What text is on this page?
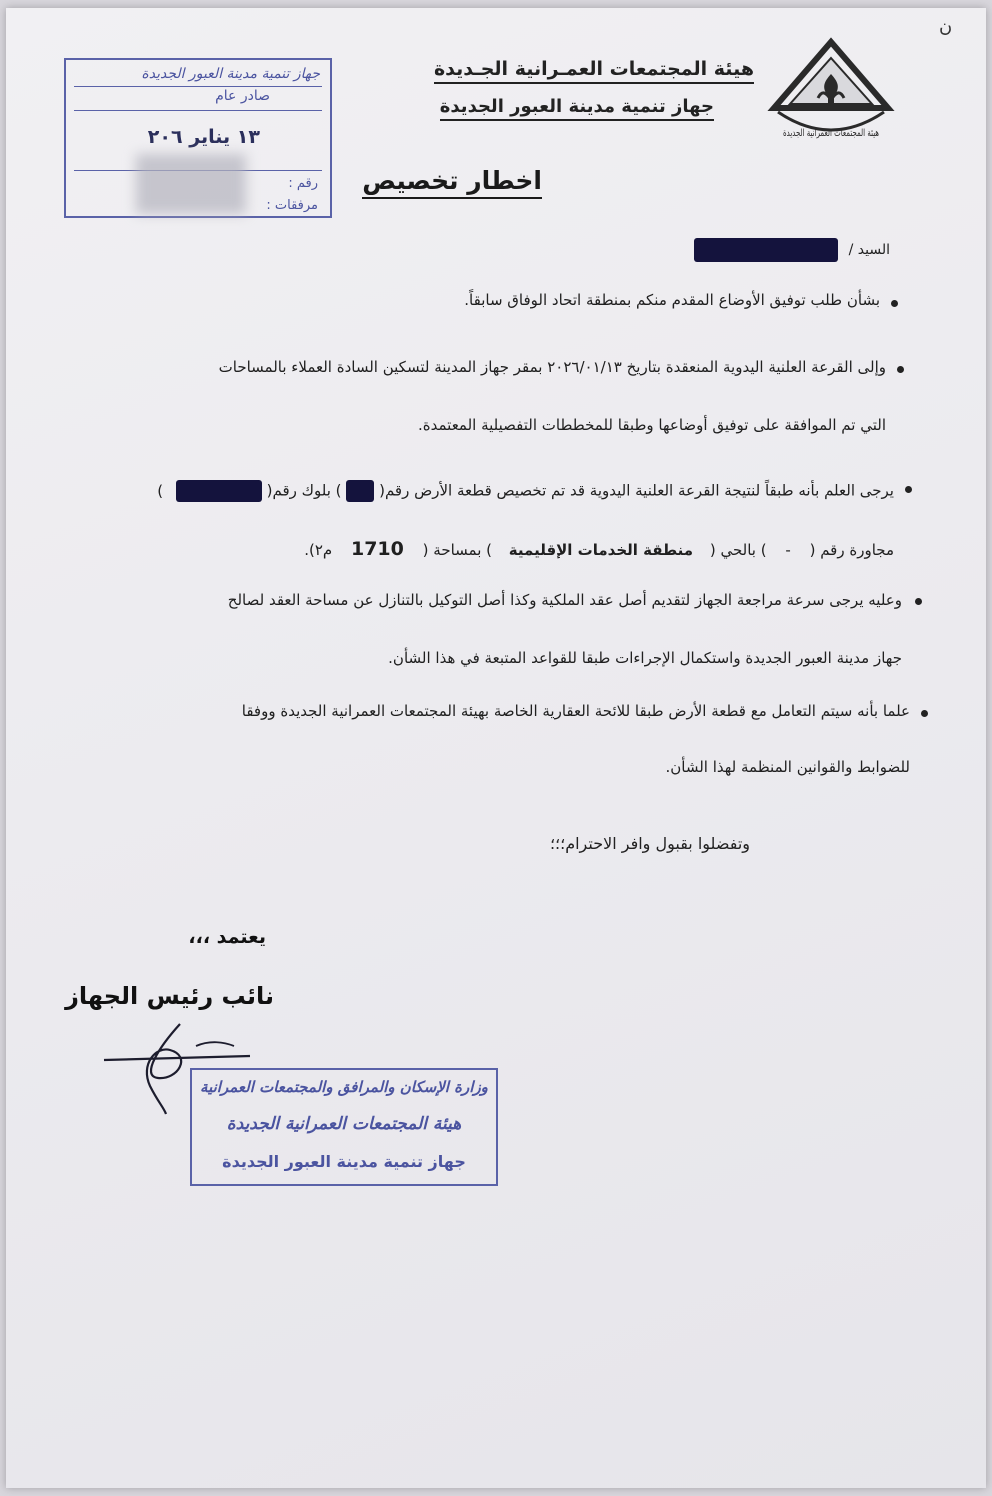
ن
هيئة المجتمعات العمرانية الجديدة
هيئة المجتمعات العمـرانية الجـديدة
جهاز تنمية مدينة العبور الجديدة
جهاز تنمية مدينة العبور الجديدة
صادر عام
١٣ يناير ٢٠٦
رقم :
مرفقات :
اخطار تخصيص
السيد /
بشأن طلب توفيق الأوضاع المقدم منكم بمنطقة اتحاد الوفاق سابقاً.
وإلى القرعة العلنية اليدوية المنعقدة بتاريخ ٢٠٢٦/٠١/١٣ بمقر جهاز المدينة لتسكين السادة العملاء بالمساحات
التي تم الموافقة على توفيق أوضاعها وطبقا للمخططات التفصيلية المعتمدة.
يرجى العلم بأنه طبقاً لنتيجة القرعة العلنية اليدوية قد تم تخصيص قطعة الأرض رقم(  ) بلوك رقم(  )
مجاورة رقم ( - ) بالحي ( منطقة الخدمات الإقليمية ) بمساحة ( 1710 م٢).
وعليه يرجى سرعة مراجعة الجهاز لتقديم أصل عقد الملكية وكذا أصل التوكيل بالتنازل عن مساحة العقد لصالح
جهاز مدينة العبور الجديدة واستكمال الإجراءات طبقا للقواعد المتبعة في هذا الشأن.
علما بأنه سيتم التعامل مع قطعة الأرض طبقا للائحة العقارية الخاصة بهيئة المجتمعات العمرانية الجديدة ووفقا
للضوابط والقوانين المنظمة لهذا الشأن.
وتفضلوا بقبول وافر الاحترام؛؛؛
يعتمد ،،،
نائب رئيس الجهاز
وزارة الإسكان والمرافق والمجتمعات العمرانية
هيئة المجتمعات العمرانية الجديدة
جهاز تنمية مدينة العبور الجديدة
